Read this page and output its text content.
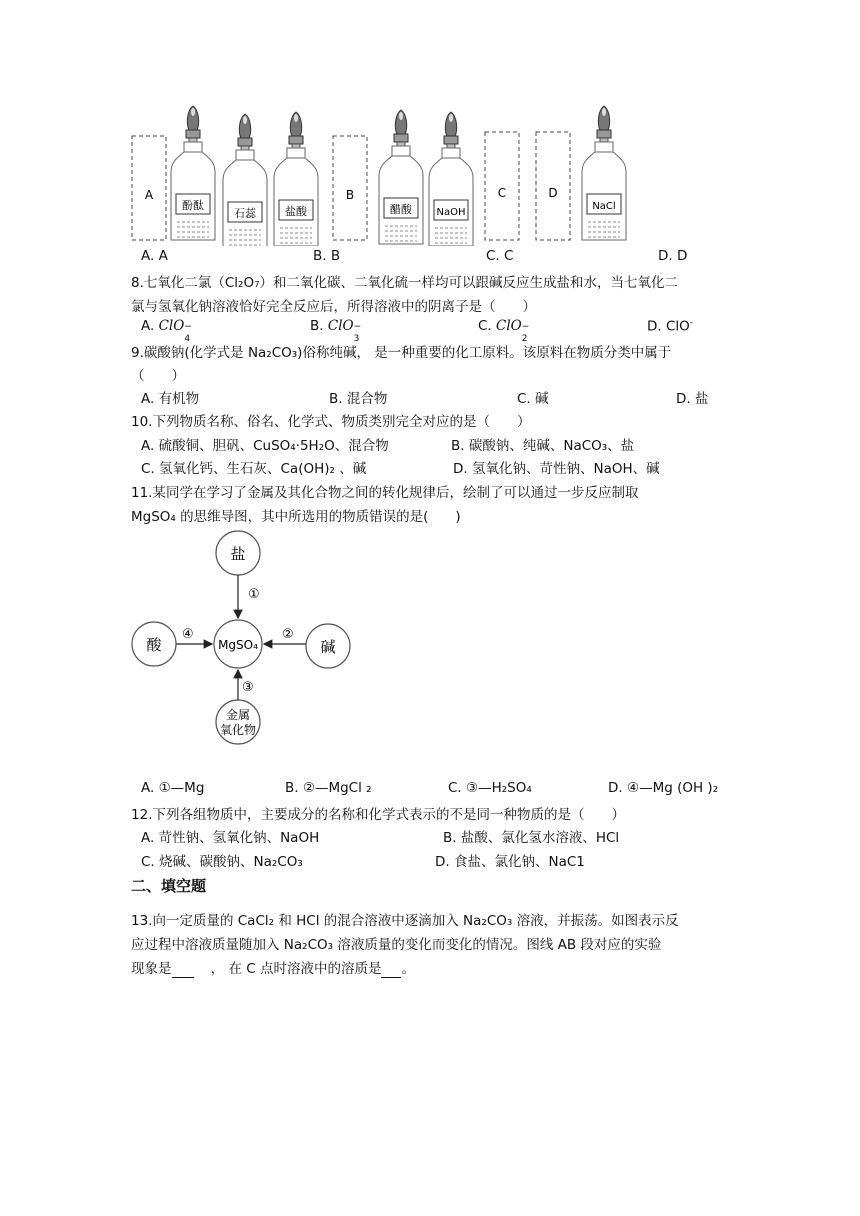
A
酚酞
石蕊	盐酸
B
醋酸 NaOH
C	D
NaCl
A. A	B. B	C. C	D. D
8.七氧化二氯（Cl₂O₇）和二氧化碳、二氧化硫一样均可以跟碱反应生成盐和水，当七氧化二
氯与氢氧化钠溶液恰好完全反应后，所得溶液中的阴离子是（　　）
A. ClO −
4
B. ClO −
3
C. ClO −
2
D. ClO-
9.碳酸钠(化学式是 Na₂CO₃)俗称纯碱， 是一种重要的化工原料。该原料在物质分类中属于
（　　）
A. 有机物	B. 混合物	C. 碱	D. 盐
10.下列物质名称、俗名、化学式、物质类别完全对应的是（　　）
A. 硫酸铜、胆矾、CuSO₄·5H₂O、混合物	B. 碳酸钠、纯碱、NaCO₃、盐
C. 氢氧化钙、生石灰、Ca(OH)₂ 、碱	D. 氢氧化钠、苛性钠、NaOH、碱
11.某同学在学习了金属及其化合物之间的转化规律后，绘制了可以通过一步反应制取
MgSO₄ 的思维导图，其中所选用的物质错误的是(　　)
MgSO₄
盐
①
酸
④
碱
②
金属
氧化物
③
A. ①—Mg	B. ②—MgCl ₂	C. ③—H₂SO₄	D. ④—Mg (OH )₂
12.下列各组物质中，主要成分的名称和化学式表示的不是同一种物质的是（　　）
A. 苛性钠、氢氧化钠、NaOH	B. 盐酸、氯化氢水溶液、HCl
C. 烧碱、碳酸钠、Na₂CO₃	D. 食盐、氯化钠、NaC1
二、填空题
13.向一定质量的 CaCl₂ 和 HCl 的混合溶液中逐滴加入 Na₂CO₃ 溶液，并振荡。如图表示反
应过程中溶液质量随加入 Na₂CO₃ 溶液质量的变化而变化的情况。图线 AB 段对应的实验
现象是	， 在 C 点时溶液中的溶质是 。
